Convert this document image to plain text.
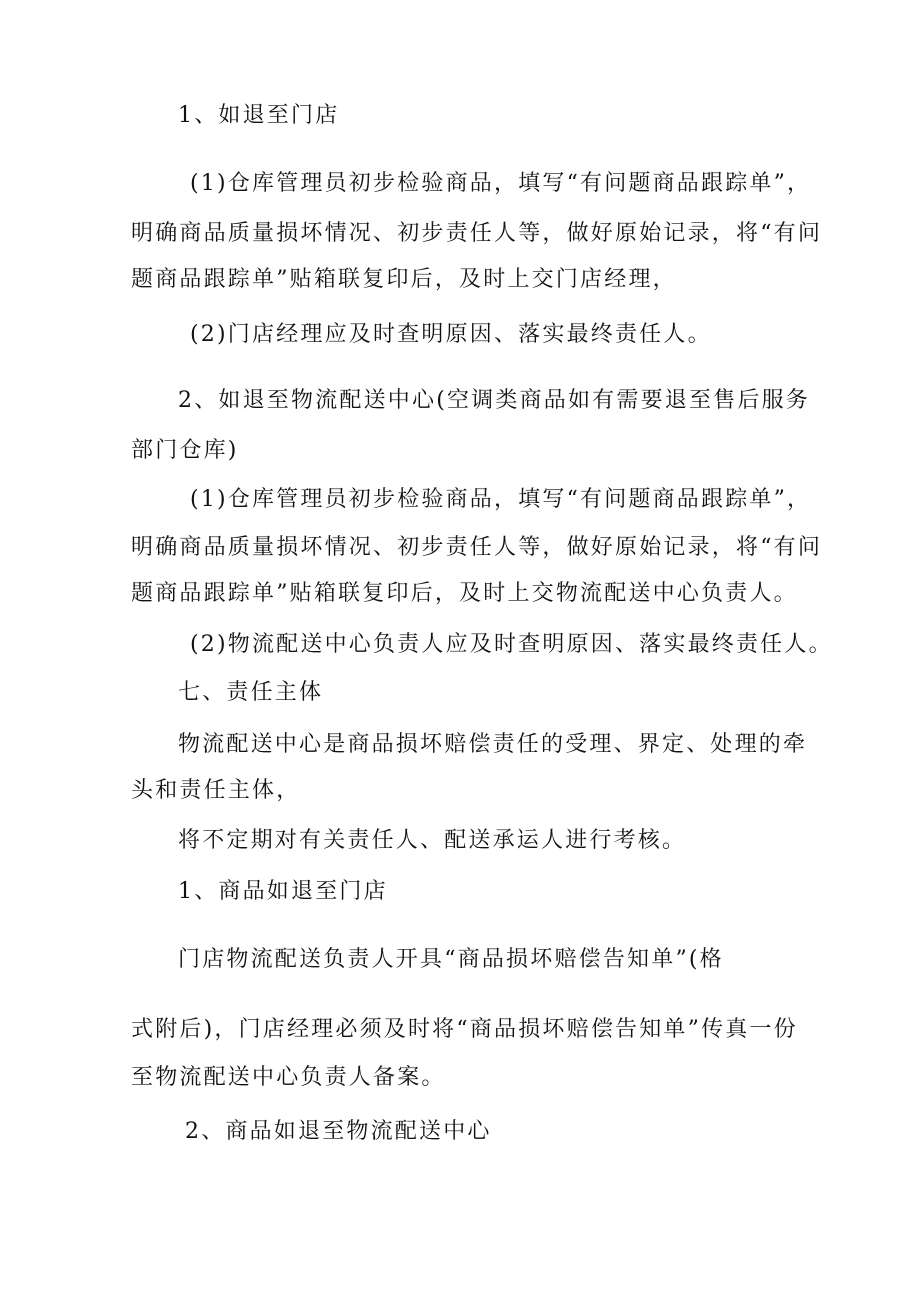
1、如退至门店
(1)仓库管理员初步检验商品，填写“有问题商品跟踪单”，
明确商品质量损坏情况、初步责任人等，做好原始记录，将“有问
题商品跟踪单”贴箱联复印后，及时上交门店经理，
(2)门店经理应及时查明原因、落实最终责任人。
2、如退至物流配送中心(空调类商品如有需要退至售后服务
部门仓库)
(1)仓库管理员初步检验商品，填写“有问题商品跟踪单”，
明确商品质量损坏情况、初步责任人等，做好原始记录，将“有问
题商品跟踪单”贴箱联复印后，及时上交物流配送中心负责人。
(2)物流配送中心负责人应及时查明原因、落实最终责任人。
七、责任主体
物流配送中心是商品损坏赔偿责任的受理、界定、处理的牵
头和责任主体，
将不定期对有关责任人、配送承运人进行考核。
1、商品如退至门店
门店物流配送负责人开具“商品损坏赔偿告知单”(格
式附后)，门店经理必须及时将“商品损坏赔偿告知单”传真一份
至物流配送中心负责人备案。
2、商品如退至物流配送中心
